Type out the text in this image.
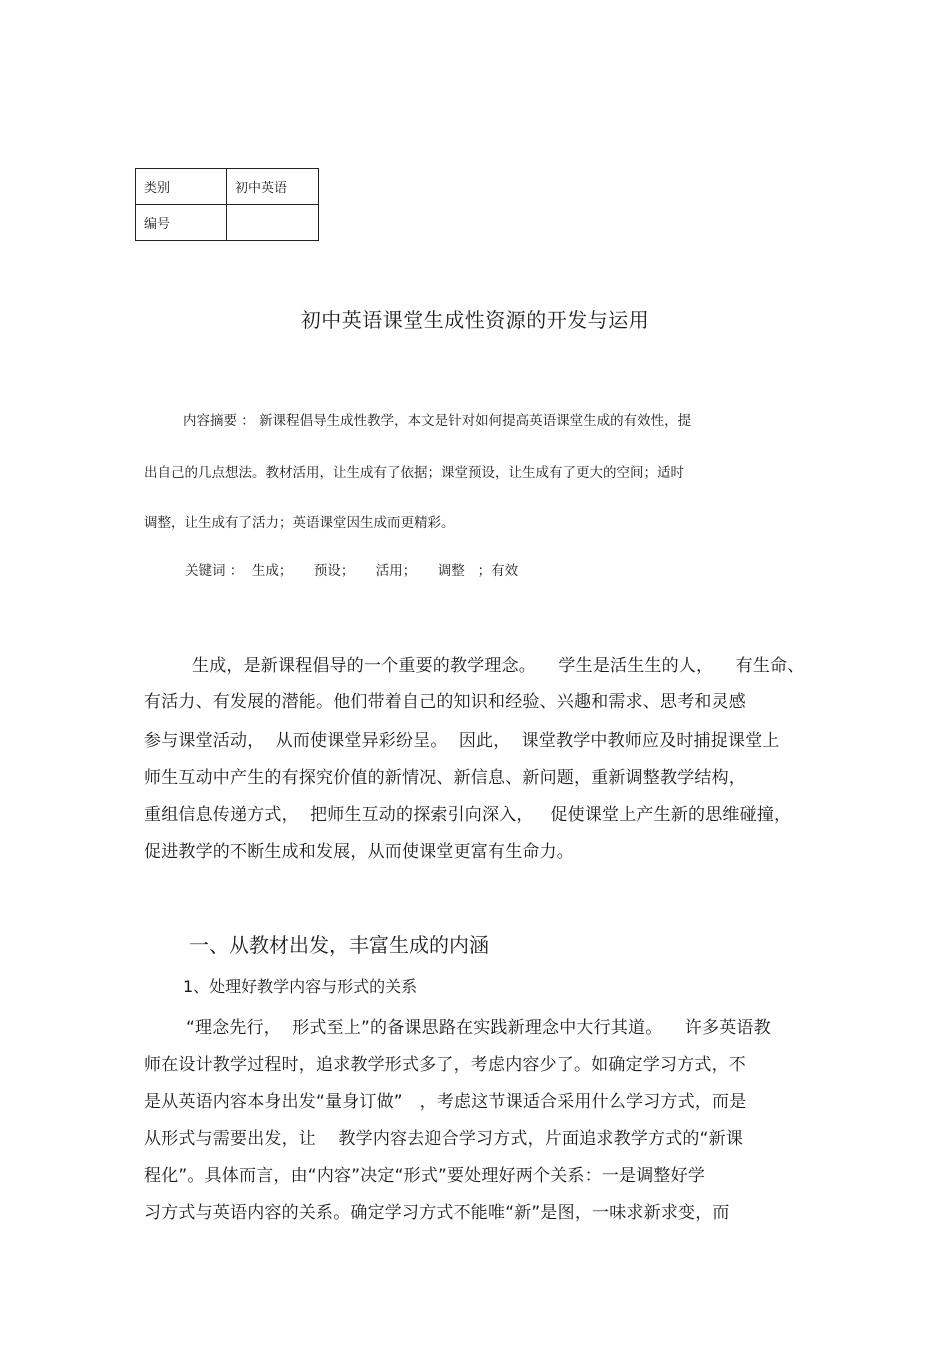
类别	初中英语
编号	
初中英语课堂生成性资源的开发与运用
内容摘要 ： 新课程倡导生成性教学，本文是针对如何提高英语课堂生成的有效性，提
出自己的几点想法。教材活用，让生成有了依据；课堂预设，让生成有了更大的空间；适时
调整，让生成有了活力；英语课堂因生成而更精彩。
关键词 ：  生成；     预设；     活用；     调整   ；有效
生成，是新课程倡导的一个重要的教学理念。    学生是活生生的人，    有生命、
有活力、有发展的潜能。他们带着自己的知识和经验、兴趣和需求、思考和灵感
参与课堂活动，  从而使课堂异彩纷呈。  因此，  课堂教学中教师应及时捕捉课堂上
师生互动中产生的有探究价值的新情况、新信息、新问题，重新调整教学结构，
重组信息传递方式，  把师生互动的探索引向深入，   促使课堂上产生新的思维碰撞，
促进教学的不断生成和发展，从而使课堂更富有生命力。
一、从教材出发，丰富生成的内涵
1、处理好教学内容与形式的关系
“理念先行，  形式至上”的备课思路在实践新理念中大行其道。    许多英语教
师在设计教学过程时，追求教学形式多了，考虑内容少了。如确定学习方式，不
是从英语内容本身出发“量身订做”   ，考虑这节课适合采用什么学习方式，而是
从形式与需要出发，让    教学内容去迎合学习方式，片面追求教学方式的“新课
程化”。具体而言，由“内容”决定“形式”要处理好两个关系：一是调整好学
习方式与英语内容的关系。确定学习方式不能唯“新”是图，一味求新求变，而
